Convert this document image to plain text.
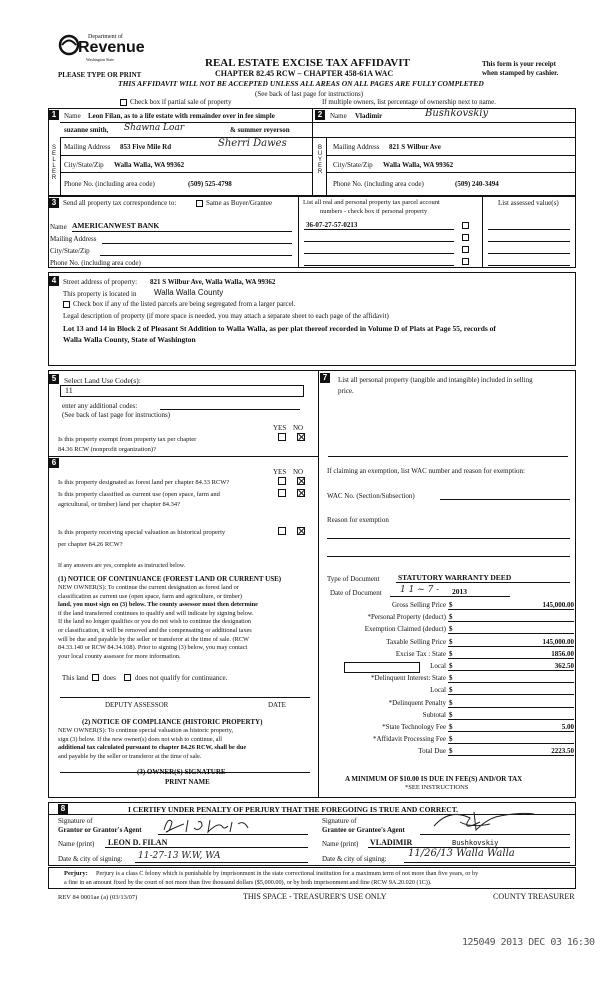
Department of
Revenue
Washington State
PLEASE TYPE OR PRINT
REAL ESTATE EXCISE TAX AFFIDAVIT
CHAPTER 82.45 RCW – CHAPTER 458-61A WAC
THIS AFFIDAVIT WILL NOT BE ACCEPTED UNLESS ALL AREAS ON ALL PAGES ARE FULLY COMPLETED
(See back of last page for instructions)
This form is your receipt
when stamped by cashier.
Check box if partial sale of property	If multiple owners, list percentage of ownership next to name.
1
S
E
L
L
E
R
Name Leon Filan, as to a life estate with remainder over in fee simple
suzanne smith, Shawna Loar	& summer reyerson
Mailing Address 853 Five Mile Rd	Sherri Dawes
City/State/Zip Walla Walla, WA 99362
Phone No. (including area code)	(509) 525-4798
2
B
U
Y
E
R
Name Vladimir	Bushkovskiy
Mailing Address 821 S Wilbur Ave
City/State/Zip Walla Walla, WA 99362
Phone No. (including area code)	(509) 240-3494
3 Send all property tax correspondence to:	Same as Buyer/Grantee	List all real and personal property tax parcel account
numbers - check box if personal property
List assessed value(s)
Name AMERICANWEST BANK
Mailing Address
City/State/Zip
Phone No. (including area code)
36-07-27-57-0213
4 Street address of property: 821 S Wilbur Ave, Walla Walla, WA 99362
This property is located in Walla Walla County
Check box if any of the listed parcels are being segregated from a larger parcel.
Legal description of property (if more space is needed, you may attach a separate sheet to each page of the affidavit)
Lot 13 and 14 in Block 2 of Pleasant St Addition to Walla Walla, as per plat thereof recorded in Volume D of Plats at Page 55, records of
Walla Walla County, State of Washington
5	Select Land Use Code(s):
11
enter any additional codes:
(See back of last page for instructions)
YES NO
Is this property exempt from property tax per chapter
84.36 RCW (nonprofit organization)?
6
YES NO
Is this property designated as forest land per chapter 84.33 RCW?
Is this property classified as current use (open space, farm and
agricultural, or timber) land per chapter 84.34?
Is this property receiving special valuation as historical property
per chapter 84.26 RCW?
If any answers are yes, complete as instructed below.
(1) NOTICE OF CONTINUANCE (FOREST LAND OR CURRENT USE)
NEW OWNER(S): To continue the current designation as forest land or
classification as current use (open space, farm and agriculture, or timber)
land, you must sign on (3) below. The county assessor must then determine
if the land transferred continues to qualify and will indicate by signing below.
If the land no longer qualifies or you do not wish to continue the designation
or classification, it will be removed and the compensating or additional taxes
will be due and payable by the seller or transferor at the time of sale. (RCW
84.33.140 or RCW 84.34.108). Prior to signing (3) below, you may contact
your local county assessor for more information.
This land does	does not qualify for continuance.
DEPUTY ASSESSOR	DATE
(2) NOTICE OF COMPLIANCE (HISTORIC PROPERTY)
NEW OWNER(S): To continue special valuation as historic property,
sign (3) below. If the new owner(s) does not wish to continue, all
additional tax calculated pursuant to chapter 84.26 RCW, shall be due
and payable by the seller or transferor at the time of sale.
(3) OWNER(S) SIGNATURE
PRINT NAME
7	List all personal property (tangible and intangible) included in selling
price.
If claiming an exemption, list WAC number and reason for exemption:
WAC No. (Section/Subsection)
Reason for exemption
Type of Document STATUTORY WARRANTY DEED
Date of Document 1 1 ~ 7 - 2013
Gross Selling Price $	145,000.00
*Personal Property (deduct) $
Exemption Claimed (deduct) $
Taxable Selling Price $	145,000.00
Excise Tax : State $	1856.00
Local $	362.50
*Delinquent Interest: State $
Local $
*Delinquent Penalty $
Subtotal $
*State Technology Fee $	5.00
*Affidavit Processing Fee $
Total Due $	2223.50
A MINIMUM OF $10.00 IS DUE IN FEE(S) AND/OR TAX
*SEE INSTRUCTIONS
8	I CERTIFY UNDER PENALTY OF PERJURY THAT THE FOREGOING IS TRUE AND CORRECT.
Signature of
Grantor or Grantor's Agent
Name (print) LEON D. FILAN
Date & city of signing: 11-27-13 W.W, WA
Signature of
Grantee or Grantee's Agent
Name (print) VLADIMIR	Bushkovskiy
Date & city of signing: 11/26/13 Walla Walla
Perjury: Perjury is a class C felony which is punishable by imprisonment in the state correctional institution for a maximum term of not more than five years, or by
a fine in an amount fixed by the court of not more than five thousand dollars ($5,000.00), or by both imprisonment and fine (RCW 9A.20.020 (1C)).
REV 84 0001ae (a) (03/13/07)	THIS SPACE - TREASURER'S USE ONLY	COUNTY TREASURER
125049 2013 DEC 03 16:30
